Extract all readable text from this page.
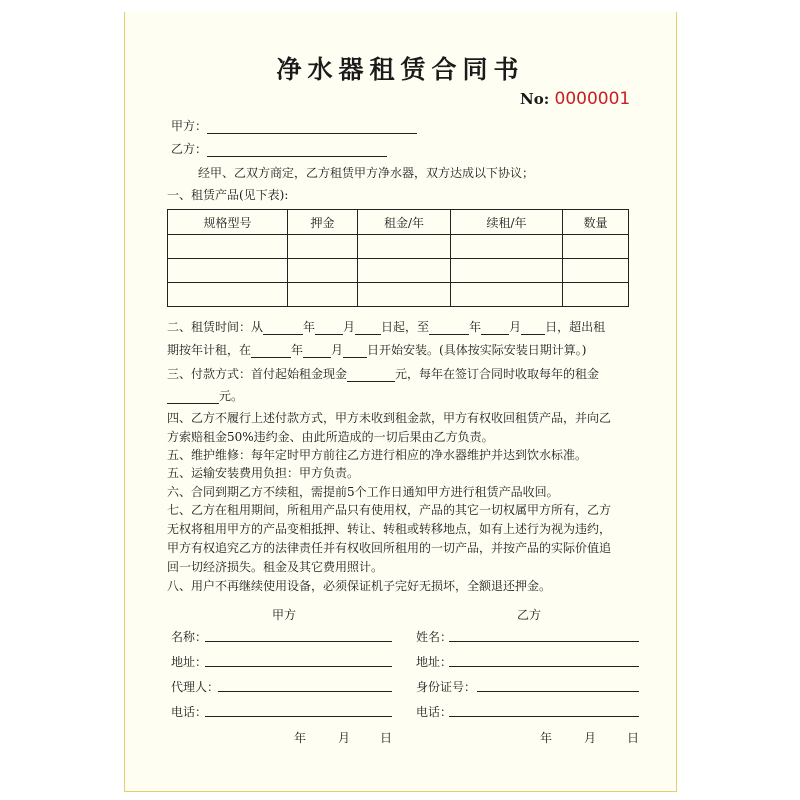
净水器租赁合同书
No: 0000001
甲方：
乙方：
经甲、乙双方商定，乙方租赁甲方净水器，双方达成以下协议；
一、租赁产品(见下表):
规格型号	押金	租金/年	续租/年	数量

二、租赁时间：从	年 月 日起，至	年 月 日，超出租
期按年计租，在	年 月 日开始安装。(具体按实际安装日期计算。)
三、付款方式：首付起始租金现金	元，每年在签订合同时收取每年的租金
元。
四、乙方不履行上述付款方式，甲方未收到租金款，甲方有权收回租赁产品，并向乙
方索赔租金50%违约金、由此所造成的一切后果由乙方负责。
五、维护维修：每年定时甲方前往乙方进行相应的净水器维护并达到饮水标准。
五、运输安装费用负担：甲方负责。
六、合同到期乙方不续租，需提前5个工作日通知甲方进行租赁产品收回。
七、乙方在租用期间，所租用产品只有使用权，产品的其它一切权属甲方所有，乙方
无权将租用甲方的产品变相抵押、转让、转租或转移地点，如有上述行为视为违约，
甲方有权追究乙方的法律责任并有权收回所租用的一切产品，并按产品的实际价值追
回一切经济损失。租金及其它费用照计。
八、用户不再继续使用设备，必须保证机子完好无损坏，全额退还押金。
甲方
名称：
地址：
代理人：
电话：
年	月 日
乙方
姓名：
地址：
身份证号：
电话：
年	月	日
